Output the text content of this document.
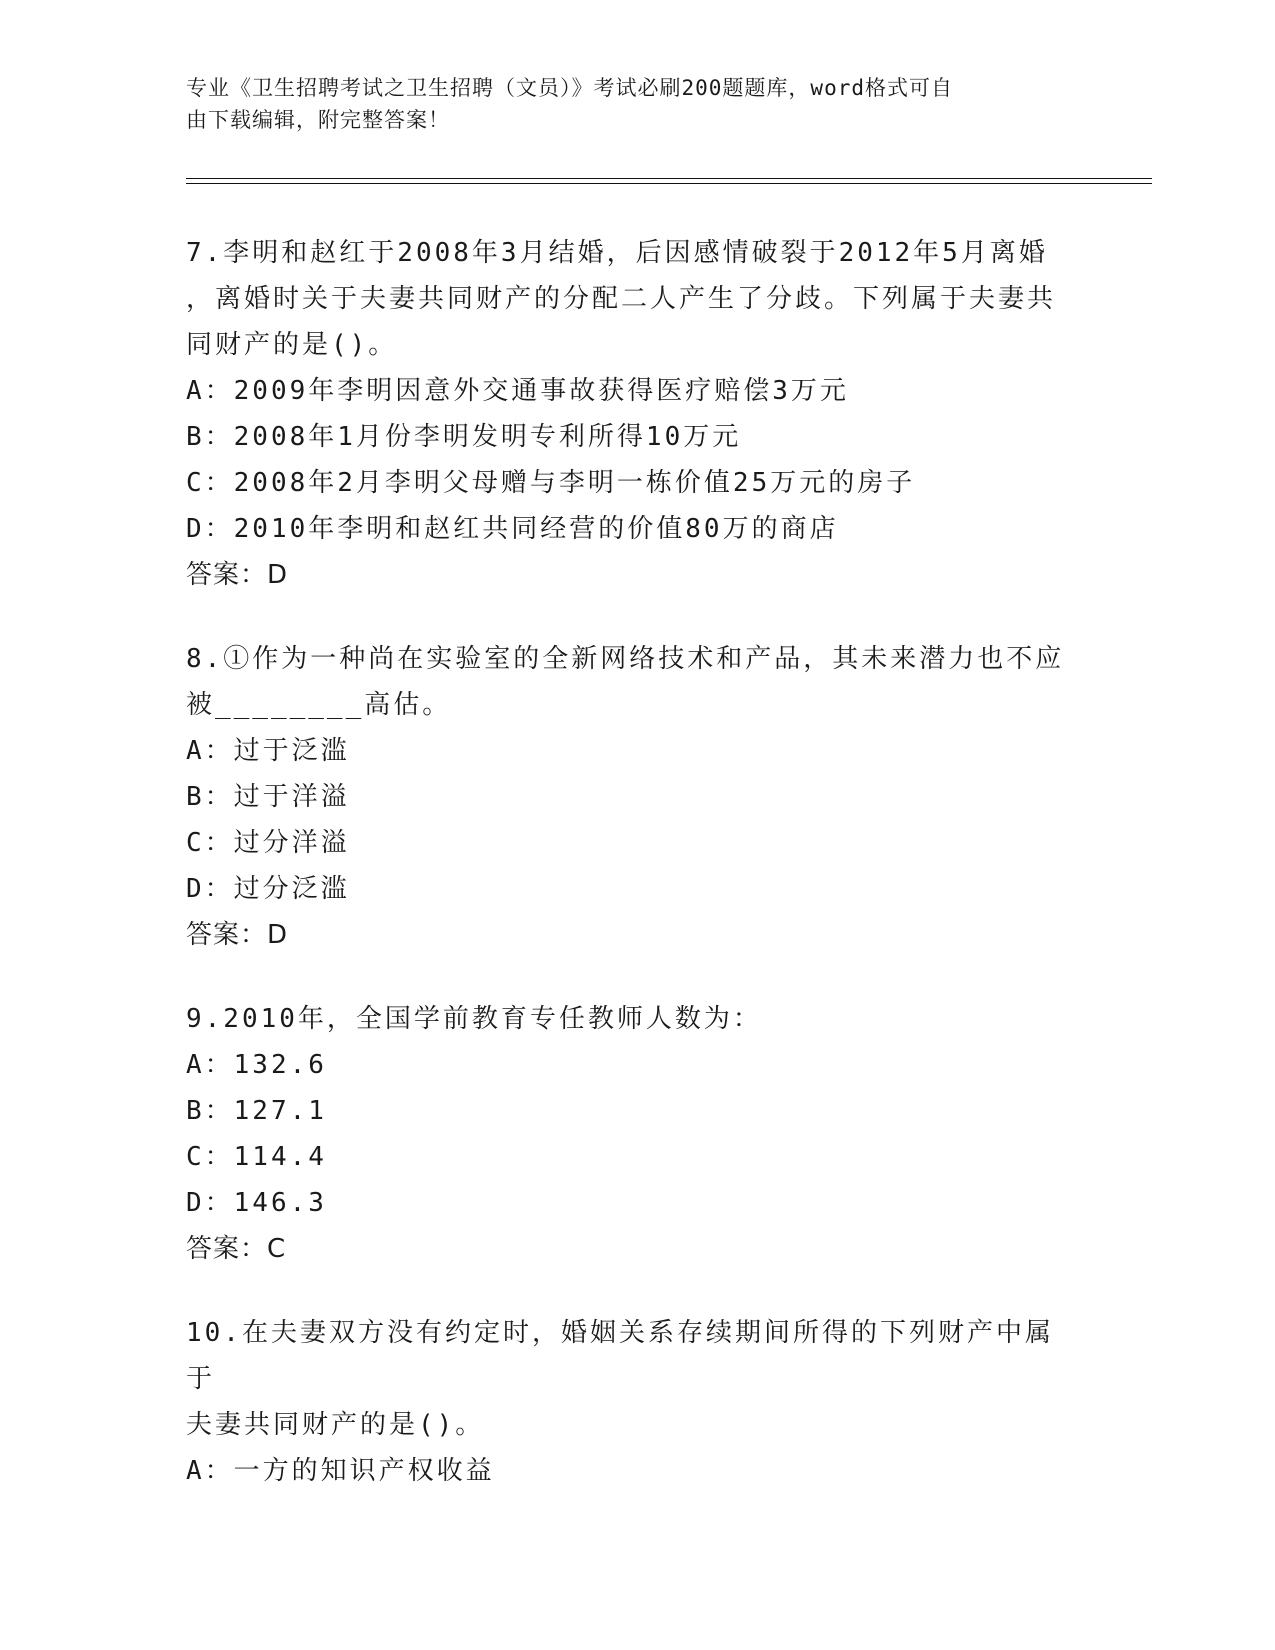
专业《卫生招聘考试之卫生招聘（文员）》考试必刷200题题库，word格式可自
由下载编辑，附完整答案！
7.李明和赵红于2008年3月结婚，后因感情破裂于2012年5月离婚
，离婚时关于夫妻共同财产的分配二人产生了分歧。下列属于夫妻共
同财产的是()。
A：2009年李明因意外交通事故获得医疗赔偿3万元
B：2008年1月份李明发明专利所得10万元
C：2008年2月李明父母赠与李明一栋价值25万元的房子
D：2010年李明和赵红共同经营的价值80万的商店
答案：D
8.①作为一种尚在实验室的全新网络技术和产品，其未来潜力也不应
被________高估。
A：过于泛滥
B：过于洋溢
C：过分洋溢
D：过分泛滥
答案：D
9.2010年，全国学前教育专任教师人数为：
A：132.6
B：127.1
C：114.4
D：146.3
答案：C
10.在夫妻双方没有约定时，婚姻关系存续期间所得的下列财产中属于
夫妻共同财产的是()。
A：一方的知识产权收益
